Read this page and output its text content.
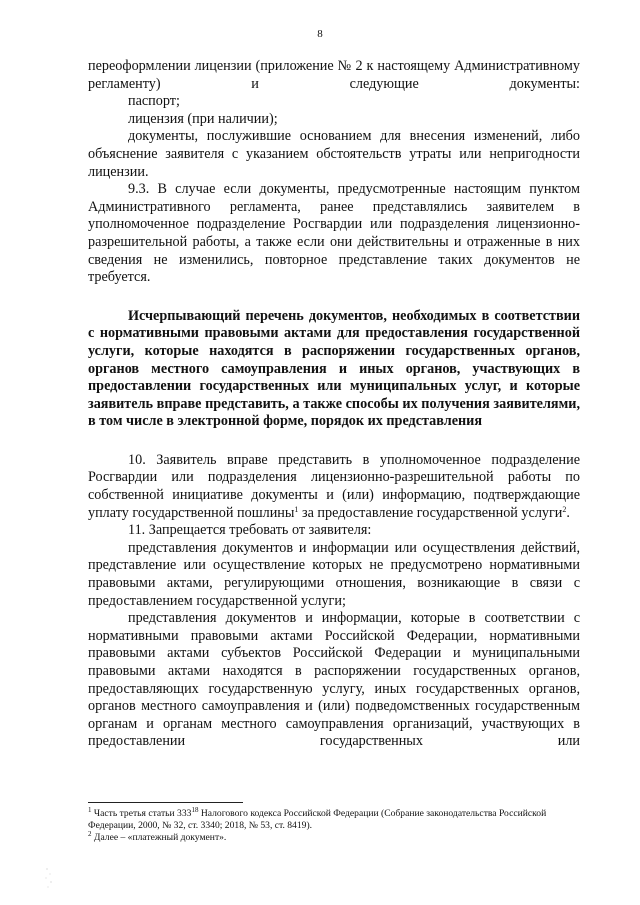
8

переоформлении лицензии (приложение № 2 к настоящему Административному регламенту) и следующие документы:

паспорт;

лицензия (при наличии);

документы, послужившие основанием для внесения изменений, либо объяснение заявителя с указанием обстоятельств утраты или непригодности лицензии.

9.3. В случае если документы, предусмотренные настоящим пунктом Административного регламента, ранее представлялись заявителем в уполномоченное подразделение Росгвардии или подразделения лицензионно-разрешительной работы, а также если они действительны и отраженные в них сведения не изменились, повторное представление таких документов не требуется.

Исчерпывающий перечень документов, необходимых в соответствии с нормативными правовыми актами для предоставления государственной услуги, которые находятся в распоряжении государственных органов, органов местного самоуправления и иных органов, участвующих в предоставлении государственных или муниципальных услуг, и которые заявитель вправе представить, а также способы их получения заявителями, в том числе в электронной форме, порядок их представления

10. Заявитель вправе представить в уполномоченное подразделение Росгвардии или подразделения лицензионно-разрешительной работы по собственной инициативе документы и (или) информацию, подтверждающие уплату государственной пошлины$^1$ за предоставление государственной услуги$^2$.

11. Запрещается требовать от заявителя:

представления документов и информации или осуществления действий, представление или осуществление которых не предусмотрено нормативными правовыми актами, регулирующими отношения, возникающие в связи с предоставлением государственной услуги;

представления документов и информации, которые в соответствии с нормативными правовыми актами Российской Федерации, нормативными правовыми актами субъектов Российской Федерации и муниципальными правовыми актами находятся в распоряжении государственных органов, предоставляющих государственную услугу, иных государственных органов, органов местного самоуправления и (или) подведомственных государственным органам и органам местного самоуправления организаций, участвующих в предоставлении государственных или

$^1$ Часть третья статьи $333^{18}$ Налогового кодекса Российской Федерации (Собрание законодательства Российской Федерации, 2000, № 32, ст. 3340; 2018, № 53, ст. 8419).

$^2$ Далее – «платежный документ».
